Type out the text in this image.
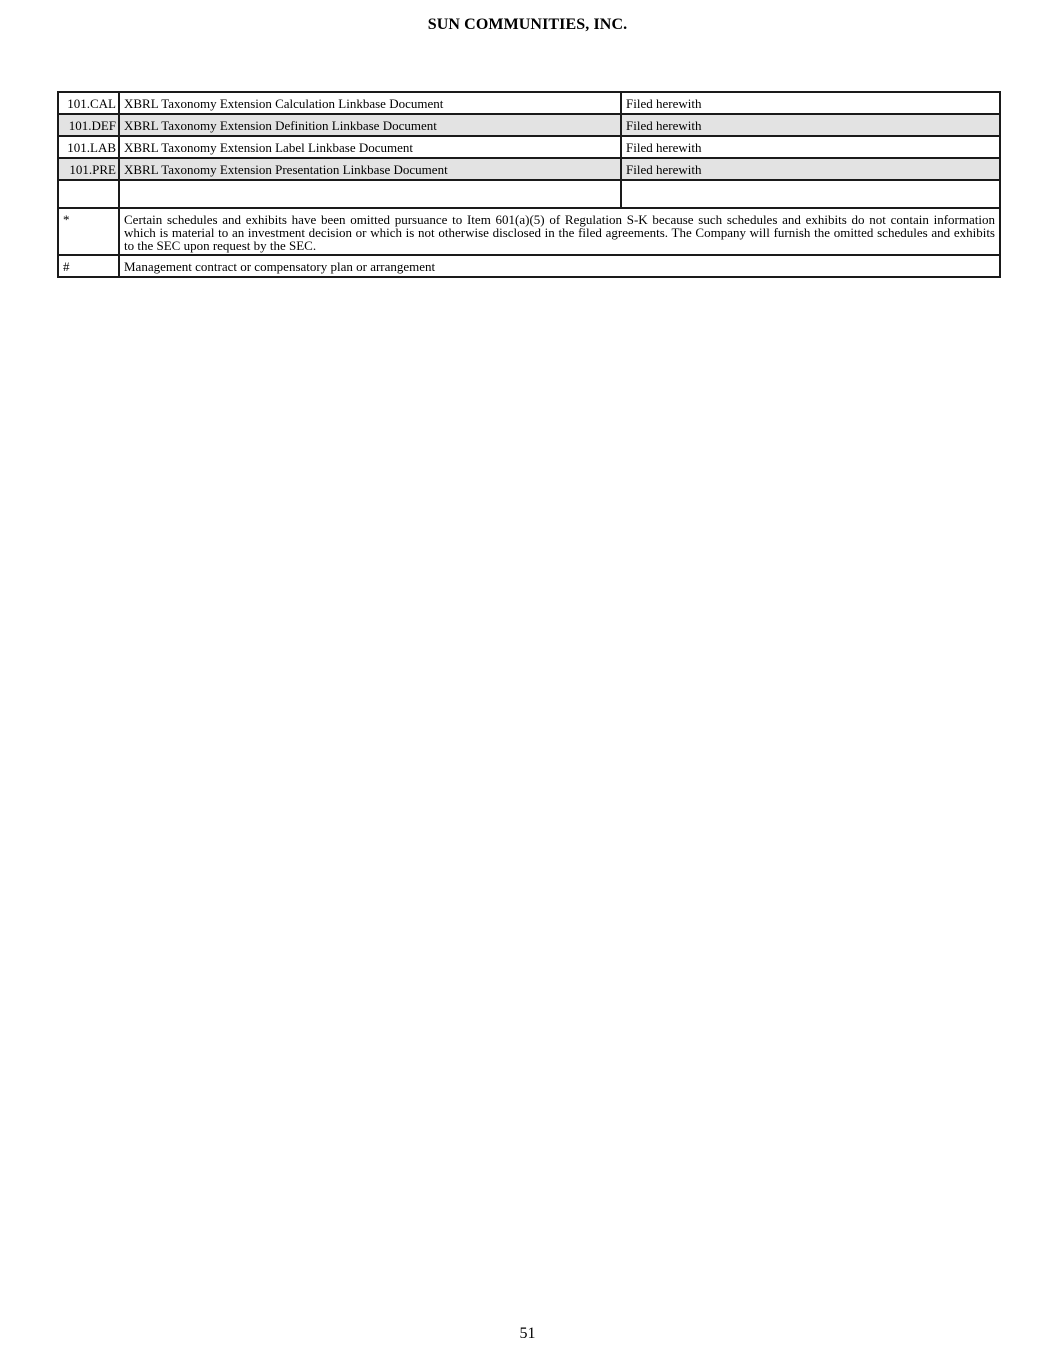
SUN COMMUNITIES, INC.
101.CAL	XBRL Taxonomy Extension Calculation Linkbase Document	Filed herewith
101.DEF	XBRL Taxonomy Extension Definition Linkbase Document	Filed herewith
101.LAB	XBRL Taxonomy Extension Label Linkbase Document	Filed herewith
101.PRE	XBRL Taxonomy Extension Presentation Linkbase Document	Filed herewith

*	Certain schedules and exhibits have been omitted pursuance to Item 601(a)(5) of Regulation S-K because such schedules and exhibits do not contain information which is material to an investment decision or which is not otherwise disclosed in the filed agreements. The Company will furnish the omitted schedules and exhibits to the SEC upon request by the SEC.	
#	Management contract or compensatory plan or arrangement	
51
